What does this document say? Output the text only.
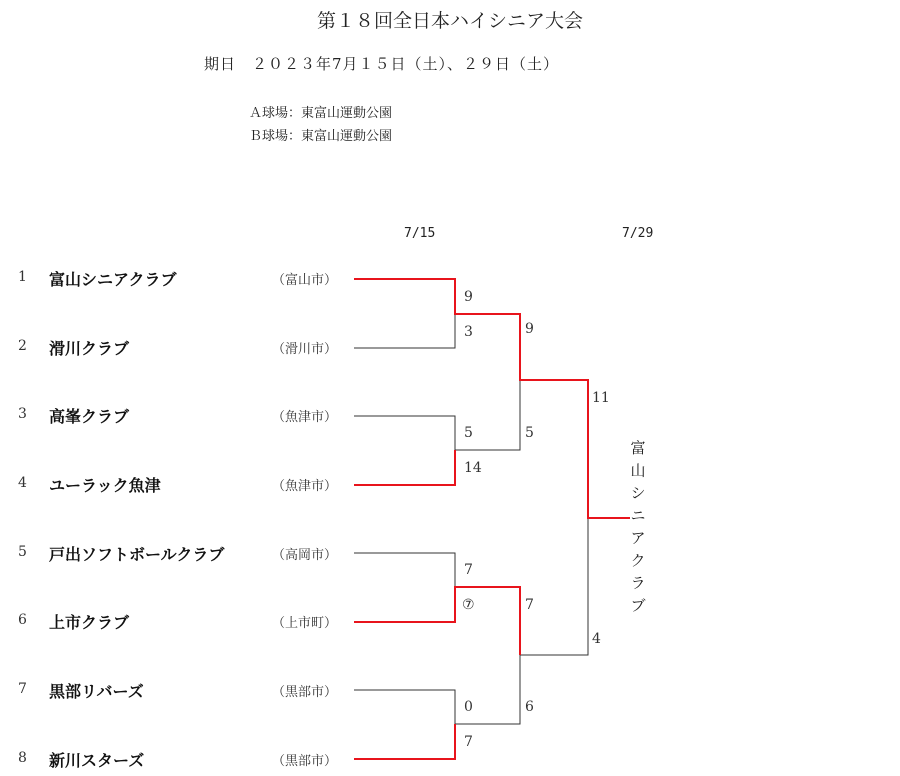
第１８回全日本ハイシニア大会
期日　２０２３年7月１５日（土）、２９日（土）
Ａ球場：東富山運動公園
Ｂ球場：東富山運動公園
7/15	7/29
1 富山シニアクラブ	（富山市）
2 滑川クラブ	（滑川市）
3 高峯クラブ	（魚津市）
4 ユーラック魚津	（魚津市）
5 戸出ソフトボールクラブ	（高岡市）
6 上市クラブ	（上市町）
7 黒部リバーズ	（黒部市）
8 新川スターズ	（黒部市）
9
3
5
14
7
⑦
0
7
9
5
7
6
11
4
富山シニアクラブ
